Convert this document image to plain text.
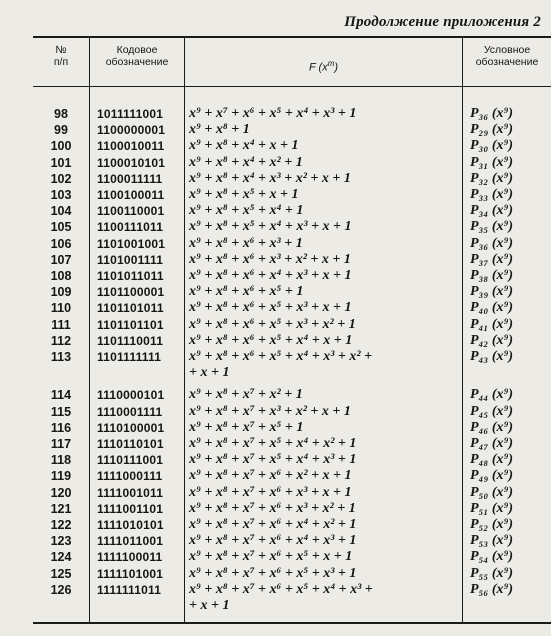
Продолжение приложения 2
№
п/п
Кодовое
обозначение	F $(x^m)$
Условное
обозначение
98
99
100
101
102
103
104
105
106
107
108
109
110
111
112
113
114
115
116
117
118
119
120
121
122
123
124
125
126
1011111001
1100000001
1100010011
1100010101
1100011111
1100100011
1100110001
1100111011
1101001001
1101001111
1101011011
1101100001
1101101011
1101101101
1101110011
1101111111
1110000101
1110001111
1110100001
1110110101
1110111001
1111000111
1111001011
1111001101
1111010101
1111011001
1111100011
1111101001
1111111011
x⁹ + x⁷ + x⁶ + x⁵ + x⁴ + x³ + 1
x⁹ + x⁸ + 1
x⁹ + x⁸ + x⁴ + x + 1
x⁹ + x⁸ + x⁴ + x² + 1
x⁹ + x⁸ + x⁴ + x³ + x² + x + 1
x⁹ + x⁸ + x⁵ + x + 1
x⁹ + x⁸ + x⁵ + x⁴ + 1
x⁹ + x⁸ + x⁵ + x⁴ + x³ + x + 1
x⁹ + x⁸ + x⁶ + x³ + 1
x⁹ + x⁸ + x⁶ + x³ + x² + x + 1
x⁹ + x⁸ + x⁶ + x⁴ + x³ + x + 1
x⁹ + x⁸ + x⁶ + x⁵ + 1
x⁹ + x⁸ + x⁶ + x⁵ + x³ + x + 1
x⁹ + x⁸ + x⁶ + x⁵ + x³ + x² + 1
x⁹ + x⁸ + x⁶ + x⁵ + x⁴ + x + 1
x⁹ + x⁸ + x⁶ + x⁵ + x⁴ + x³ + x² +
+ x + 1
x⁹ + x⁸ + x⁷ + x² + 1
x⁹ + x⁸ + x⁷ + x³ + x² + x + 1
x⁹ + x⁸ + x⁷ + x⁵ + 1
x⁹ + x⁸ + x⁷ + x⁵ + x⁴ + x² + 1
x⁹ + x⁸ + x⁷ + x⁵ + x⁴ + x³ + 1
x⁹ + x⁸ + x⁷ + x⁶ + x² + x + 1
x⁹ + x⁸ + x⁷ + x⁶ + x³ + x + 1
x⁹ + x⁸ + x⁷ + x⁶ + x³ + x² + 1
x⁹ + x⁸ + x⁷ + x⁶ + x⁴ + x² + 1
x⁹ + x⁸ + x⁷ + x⁶ + x⁴ + x³ + 1
x⁹ + x⁸ + x⁷ + x⁶ + x⁵ + x + 1
x⁹ + x⁸ + x⁷ + x⁶ + x⁵ + x³ + 1
x⁹ + x⁸ + x⁷ + x⁶ + x⁵ + x⁴ + x³ +
+ x + 1
P₃₆ (x⁹)
P₂₉ (x⁹)
P₃₀ (x⁹)
P₃₁ (x⁹)
P₃₂ (x⁹)
P₃₃ (x⁹)
P₃₄ (x⁹)
P₃₅ (x⁹)
P₃₆ (x⁹)
P₃₇ (x⁹)
P₃₈ (x⁹)
P₃₉ (x⁹)
P₄₀ (x⁹)
P₄₁ (x⁹)
P₄₂ (x⁹)
P₄₃ (x⁹)
P₄₄ (x⁹)
P₄₅ (x⁹)
P₄₆ (x⁹)
P₄₇ (x⁹)
P₄₈ (x⁹)
P₄₉ (x⁹)
P₅₀ (x⁹)
P₅₁ (x⁹)
P₅₂ (x⁹)
P₅₃ (x⁹)
P₅₄ (x⁹)
P₅₅ (x⁹)
P₅₆ (x⁹)
